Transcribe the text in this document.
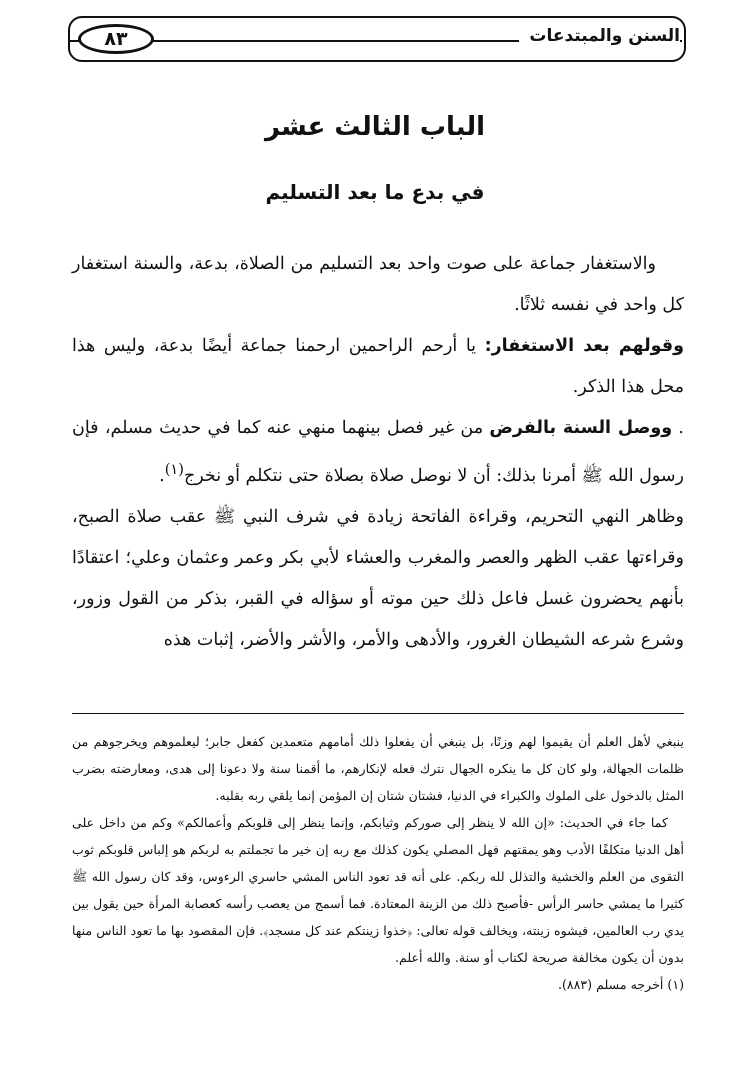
٨٣	السنن والمبتدعات
الباب الثالث عشر
في بدع ما بعد التسليم

والاستغفار جماعة على صوت واحد بعد التسليم من الصلاة، بدعة، والسنة استغفار كل واحد في نفسه ثلاثًا.

وقولهم بعد الاستغفار: يا أرحم الراحمين ارحمنا جماعة أيضًا بدعة، وليس هذا محل هذا الذكر.

. ووصل السنة بالفرض من غير فصل بينهما منهي عنه كما في حديث مسلم، فإن رسول الله ﷺ أمرنا بذلك: أن لا نوصل صلاة بصلاة حتى نتكلم أو نخرج$^{(١)}$.

وظاهر النهي التحريم، وقراءة الفاتحة زيادة في شرف النبي ﷺ عقب صلاة الصبح، وقراءتها عقب الظهر والعصر والمغرب والعشاء لأبي بكر وعمر وعثمان وعلي؛ اعتقادًا بأنهم يحضرون غسل فاعل ذلك حين موته أو سؤاله في القبر، بذكر من القول وزور، وشرع شرعه الشيطان الغرور، والأدهى والأمر، والأشر والأضر، إثبات هذه

ينبغي لأهل العلم أن يقيموا لهم وزنًا، بل ينبغي أن يفعلوا ذلك أمامهم متعمدين كفعل جابر؛ ليعلموهم ويخرجوهم من ظلمات الجهالة، ولو كان كل ما ينكره الجهال نترك فعله لإنكارهم، ما أقمنا سنة ولا دعونا إلى هدى، ومعارضته بضرب المثل بالدخول على الملوك والكبراء في الدنيا، فشتان شتان إن المؤمن إنما يلقي ربه بقلبه.

كما جاء في الحديث: «إن الله لا ينظر إلى صوركم وثيابكم، وإنما ينظر إلى قلوبكم وأعمالكم» وكم من داخل على أهل الدنيا متكلفًا الأدب وهو يمقتهم فهل المصلي يكون كذلك مع ربه إن خير ما تجملتم به لربكم هو إلباس قلوبكم ثوب التقوى من العلم والخشية والتذلل لله ربكم. على أنه قد تعود الناس المشي حاسري الرءوس، وقد كان رسول الله ﷺ كثيرا ما يمشي حاسر الرأس -فأصبح ذلك من الزينة المعتادة. فما أسمج من يعصب رأسه كعصابة المرأة حين يقول بين يدي رب العالمين، فيشوه زينته، ويخالف قوله تعالى: ﴿خذوا زينتكم عند كل مسجد﴾. فإن المقصود بها ما تعود الناس منها بدون أن يكون مخالفة صريحة لكتاب أو سنة. والله أعلم.

(١) أخرجه مسلم (٨٨٣).
